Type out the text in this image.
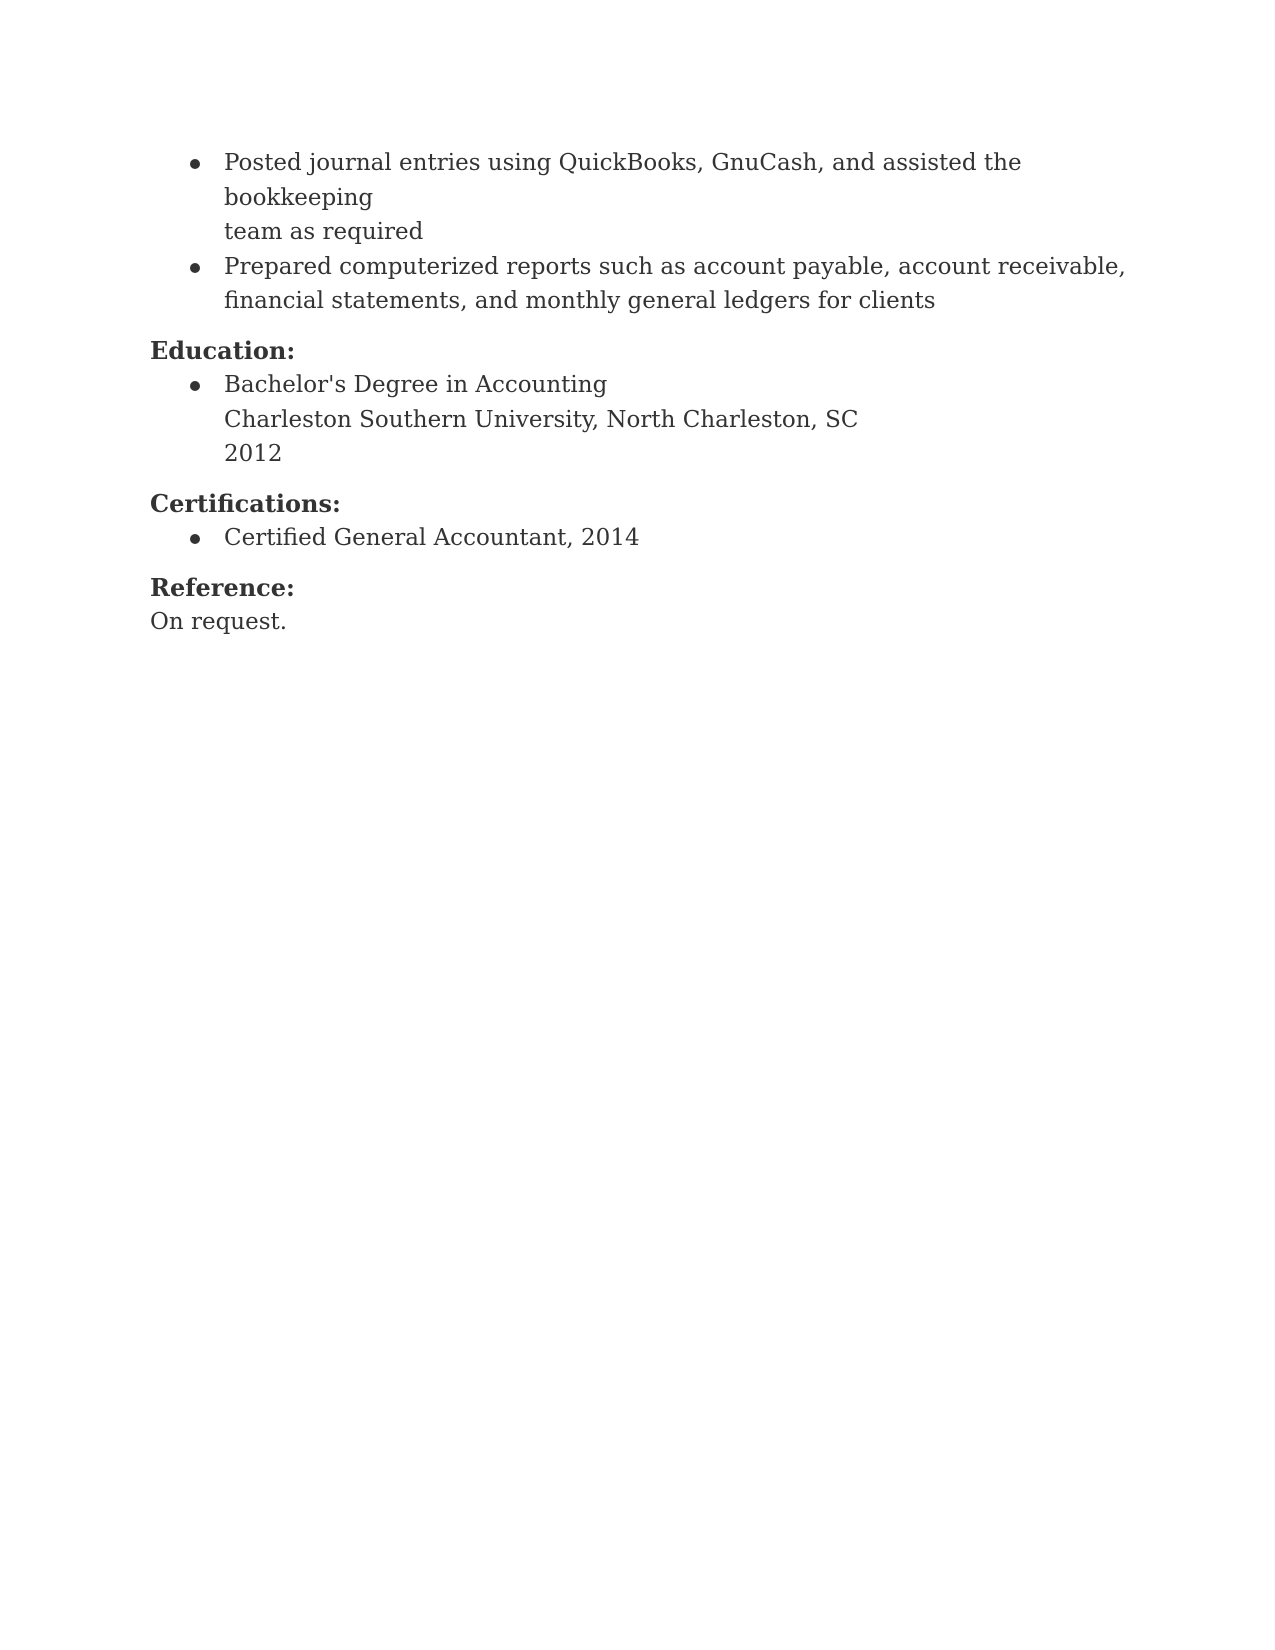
Posted journal entries using QuickBooks, GnuCash, and assisted the bookkeeping
team as required
Prepared computerized reports such as account payable, account receivable,
financial statements, and monthly general ledgers for clients
Education:
Bachelor's Degree in Accounting
Charleston Southern University, North Charleston, SC
2012
Certifications:
Certified General Accountant, 2014
Reference:
On request.
